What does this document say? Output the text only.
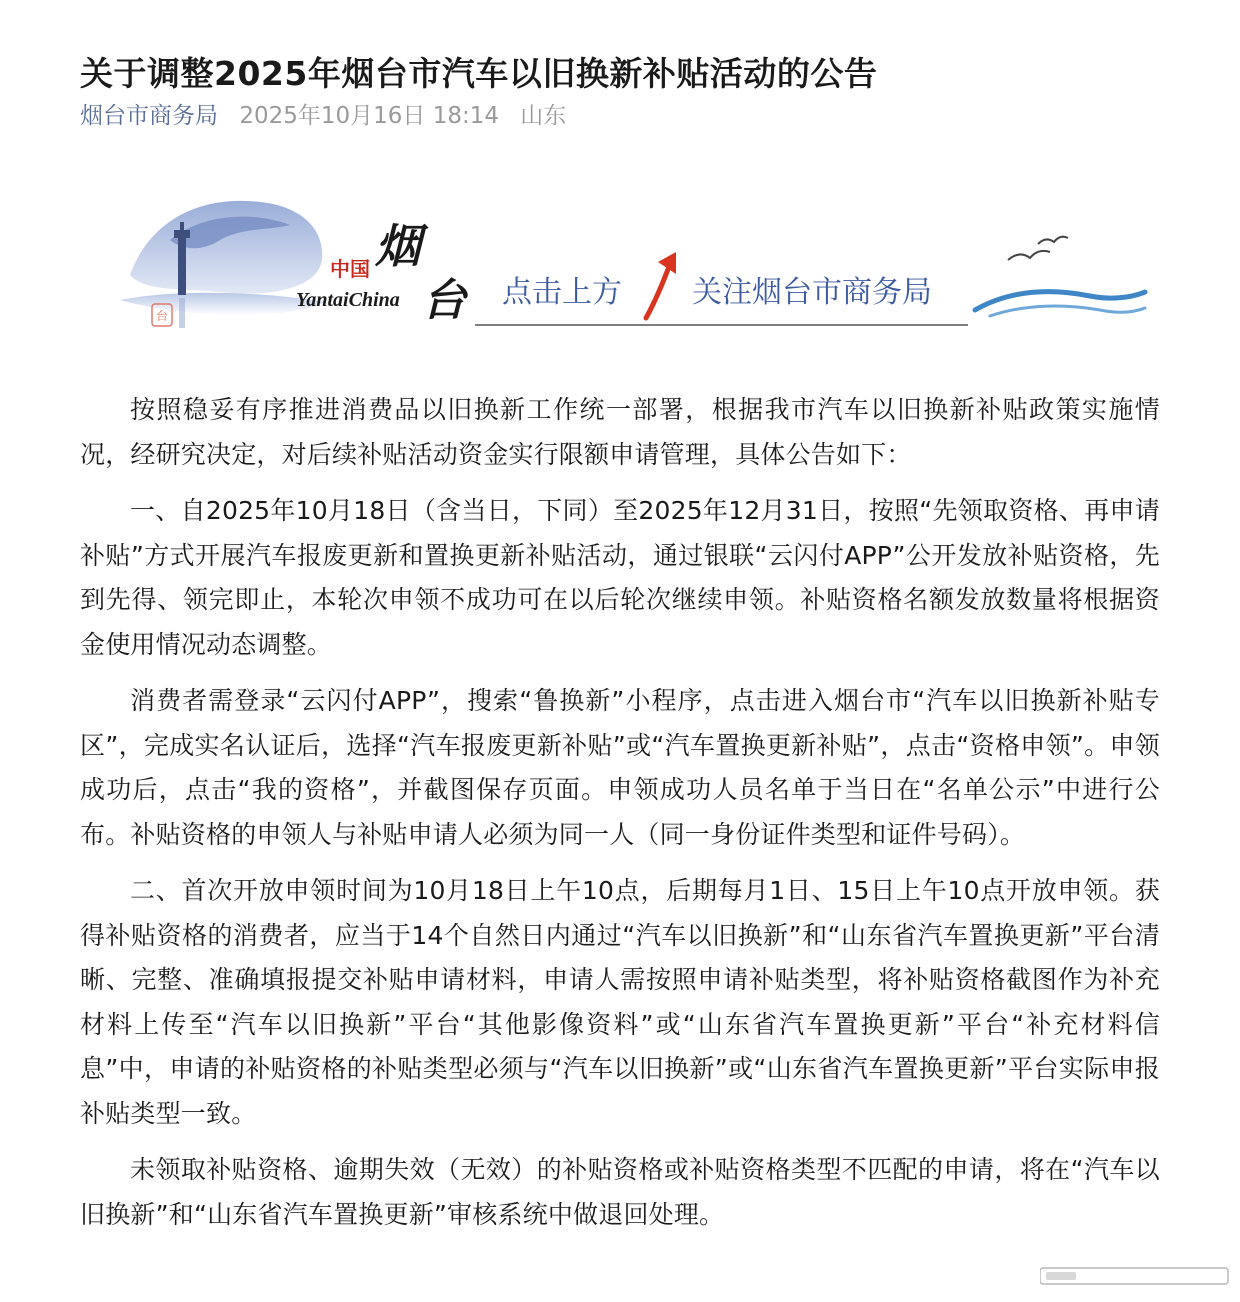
关于调整2025年烟台市汽车以旧换新补贴活动的公告
烟台市商务局 2025年10月16日 18:14 山东
台
中国 烟
台
YantaiChina	点击上方 关注烟台市商务局

按照稳妥有序推进消费品以旧换新工作统一部署，根据我市汽车以旧换新补贴政策实施情况，经研究决定，对后续补贴活动资金实行限额申请管理，具体公告如下：

一、自2025年10月18日（含当日，下同）至2025年12月31日，按照“先领取资格、再申请补贴”方式开展汽车报废更新和置换更新补贴活动，通过银联“云闪付APP”公开发放补贴资格，先到先得、领完即止，本轮次申领不成功可在以后轮次继续申领。补贴资格名额发放数量将根据资金使用情况动态调整。

消费者需登录“云闪付APP”，搜索“鲁换新”小程序，点击进入烟台市“汽车以旧换新补贴专区”，完成实名认证后，选择“汽车报废更新补贴”或“汽车置换更新补贴”，点击“资格申领”。申领成功后，点击“我的资格”，并截图保存页面。申领成功人员名单于当日在“名单公示”中进行公布。补贴资格的申领人与补贴申请人必须为同一人（同一身份证件类型和证件号码）。

二、首次开放申领时间为10月18日上午10点，后期每月1日、15日上午10点开放申领。获得补贴资格的消费者，应当于14个自然日内通过“汽车以旧换新”和“山东省汽车置换更新”平台清晰、完整、准确填报提交补贴申请材料，申请人需按照申请补贴类型，将补贴资格截图作为补充材料上传至“汽车以旧换新”平台“其他影像资料”或“山东省汽车置换更新”平台“补充材料信息”中，申请的补贴资格的补贴类型必须与“汽车以旧换新”或“山东省汽车置换更新”平台实际申报补贴类型一致。

未领取补贴资格、逾期失效（无效）的补贴资格或补贴资格类型不匹配的申请，将在“汽车以旧换新”和“山东省汽车置换更新”审核系统中做退回处理。
